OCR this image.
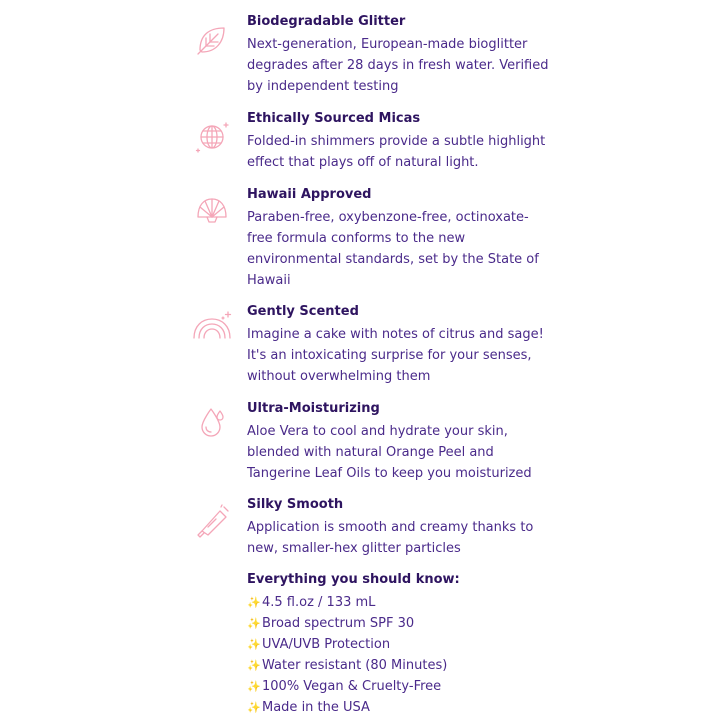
Biodegradable Glitter
Next-generation, European-made bioglitter
degrades after 28 days in fresh water. Verified
by independent testing
Ethically Sourced Micas
Folded-in shimmers provide a subtle highlight
effect that plays off of natural light.
Hawaii Approved
Paraben-free, oxybenzone-free, octinoxate-
free formula conforms to the new
environmental standards, set by the State of
Hawaii
Gently Scented
Imagine a cake with notes of citrus and sage!
It's an intoxicating surprise for your senses,
without overwhelming them
Ultra-Moisturizing
Aloe Vera to cool and hydrate your skin,
blended with natural Orange Peel and
Tangerine Leaf Oils to keep you moisturized
Silky Smooth
Application is smooth and creamy thanks to
new, smaller-hex glitter particles
Everything you should know:
✨4.5 fl.oz / 133 mL
✨Broad spectrum SPF 30
✨UVA/UVB Protection
✨Water resistant (80 Minutes)
✨100% Vegan & Cruelty-Free
✨Made in the USA
